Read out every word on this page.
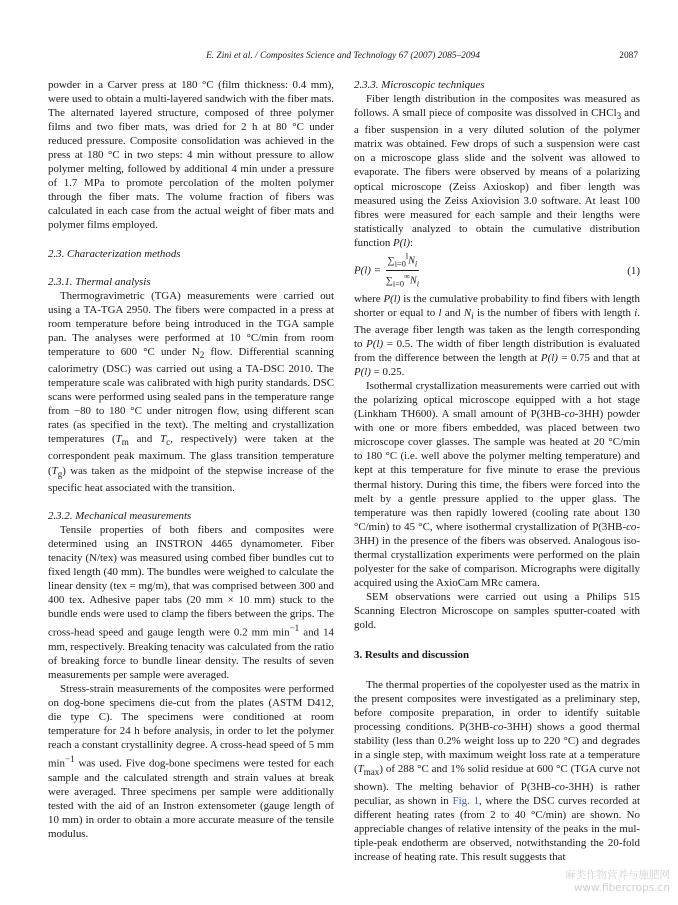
E. Zini et al. / Composites Science and Technology 67 (2007) 2085–2094	2087

powder in a Carver press at 180 °C (film thickness: 0.4 mm), were used to obtain a multi-layered sandwich with the fiber mats. The alternated layered structure, composed of three polymer films and two fiber mats, was dried for 2 h at 80 °C under reduced pressure. Composite consolidation was achieved in the press at 180 °C in two steps: 4 min without pressure to allow polymer melting, followed by additional 4 min under a pressure of 1.7 MPa to promote percolation of the molten polymer through the fiber mats. The volume fraction of fibers was calculated in each case from the actual weight of fiber mats and polymer films employed.

2.3. Characterization methods
2.3.1. Thermal analysis

Thermogravimetric (TGA) measurements were carried out using a TA-TGA 2950. The fibers were compacted in a press at room temperature before being introduced in the TGA sample pan. The analyses were performed at 10 °C/min from room temperature to 600 °C under $N_2$ flow. Differential scanning calorimetry (DSC) was carried out using a TA-DSC 2010. The temperature scale was calibrated with high purity standards. DSC scans were performed using sealed pans in the temperature range from −80 to 180 °C under nitrogen flow, using different scan rates (as specified in the text). The melting and crystallization temperatures ($T_m$ and $T_c$, respectively) were taken at the correspondent peak maximum. The glass transition temperature $(T_g)$ was taken as the midpoint of the stepwise increase of the specific heat associated with the transition.

2.3.2. Mechanical measurements

Tensile properties of both fibers and composites were determined using an INSTRON 4465 dynamometer. Fiber tenacity (N/tex) was measured using combed fiber bundles cut to fixed length (40 mm). The bundles were weighed to calculate the linear density (tex = mg/m), that was comprised between 300 and 400 tex. Adhesive paper tabs (20 mm × 10 mm) stuck to the bundle ends were used to clamp the fibers between the grips. The cross-head speed and gauge length were 0.2 mm $\min^{-1}$ and 14 mm, respectively. Breaking tenacity was calculated from the ratio of breaking force to bundle linear density. The results of seven measurements per sample were averaged.

Stress-strain measurements of the composites were performed on dog-bone specimens die-cut from the plates (ASTM D412, die type C). The specimens were conditioned at room temperature for 24 h before analysis, in order to let the polymer reach a constant crystallinity degree. A cross-head speed of 5 mm $\min^{-1}$ was used. Five dog-bone specimens were tested for each sample and the calculated strength and strain values at break were averaged. Three specimens per sample were additionally tested with the aid of an Instron extensometer (gauge length of 10 mm) in order to obtain a more accurate measure of the tensile modulus.

2.3.3. Microscopic techniques

Fiber length distribution in the composites was measured as follows. A small piece of composite was dissolved in CHCl$_3$ and a fiber suspension in a very diluted solution of the polymer matrix was obtained. Few drops of such a suspension were cast on a microscope glass slide and the solvent was allowed to evaporate. The fibers were observed by means of a polarizing optical microscope (Zeiss Axioskop) and fiber length was measured using the Zeiss Axiovision 3.0 software. At least 100 fibres were measured for each sample and their lengths were statistically analyzed to obtain the cumulative distribution function P(l):

$P(l) = \frac{\sum_{i=0}^lN_i}{\sum_{i=0}^\infty N_i}$	(1)

where P(l) is the cumulative probability to find fibers with length shorter or equal to l and $N_i$ is the number of fibers with length i. The average fiber length was taken as the length corresponding to P(l) = 0.5. The width of fiber length distribution is evaluated from the difference between the length at P(l) = 0.75 and that at P(l) = 0.25.

Isothermal crystallization measurements were carried out with the polarizing optical microscope equipped with a hot stage (Linkham TH600). A small amount of P(3HB-co-3HH) powder with one or more fibers embedded, was placed between two microscope cover glasses. The sample was heated at 20 °C/min to 180 °C (i.e. well above the polymer melting temperature) and kept at this temperature for five minute to erase the previous thermal history. During this time, the fibers were forced into the melt by a gentle pressure applied to the upper glass. The temperature was then rapidly lowered (cooling rate about 130 °C/min) to 45 °C, where isothermal crystallization of P(3HB-co-3HH) in the presence of the fibers was observed. Analogous isothermal crystallization experiments were performed on the plain polyester for the sake of comparison. Micrographs were digitally acquired using the AxioCam MRc camera.

SEM observations were carried out using a Philips 515 Scanning Electron Microscope on samples sputter-coated with gold.

3. Results and discussion

The thermal properties of the copolyester used as the matrix in the present composites were investigated as a preliminary step, before composite preparation, in order to identify suitable processing conditions. P(3HB-co-3HH) shows a good thermal stability (less than 0.2% weight loss up to 220 °C) and degrades in a single step, with maximum weight loss rate at a temperature $(T_{max})$ of 288 °C and 1% solid residue at 600 °C (TGA curve not shown). The melting behavior of P(3HB-co-3HH) is rather peculiar, as shown in Fig. 1, where the DSC curves recorded at different heating rates (from 2 to 40 °C/min) are shown. No appreciable changes of relative intensity of the peaks in the multiple-peak endotherm are observed, notwithstanding the 20-fold increase of heating rate. This result suggests that

麻类作物营养与施肥网
www.fibercrops.cn
